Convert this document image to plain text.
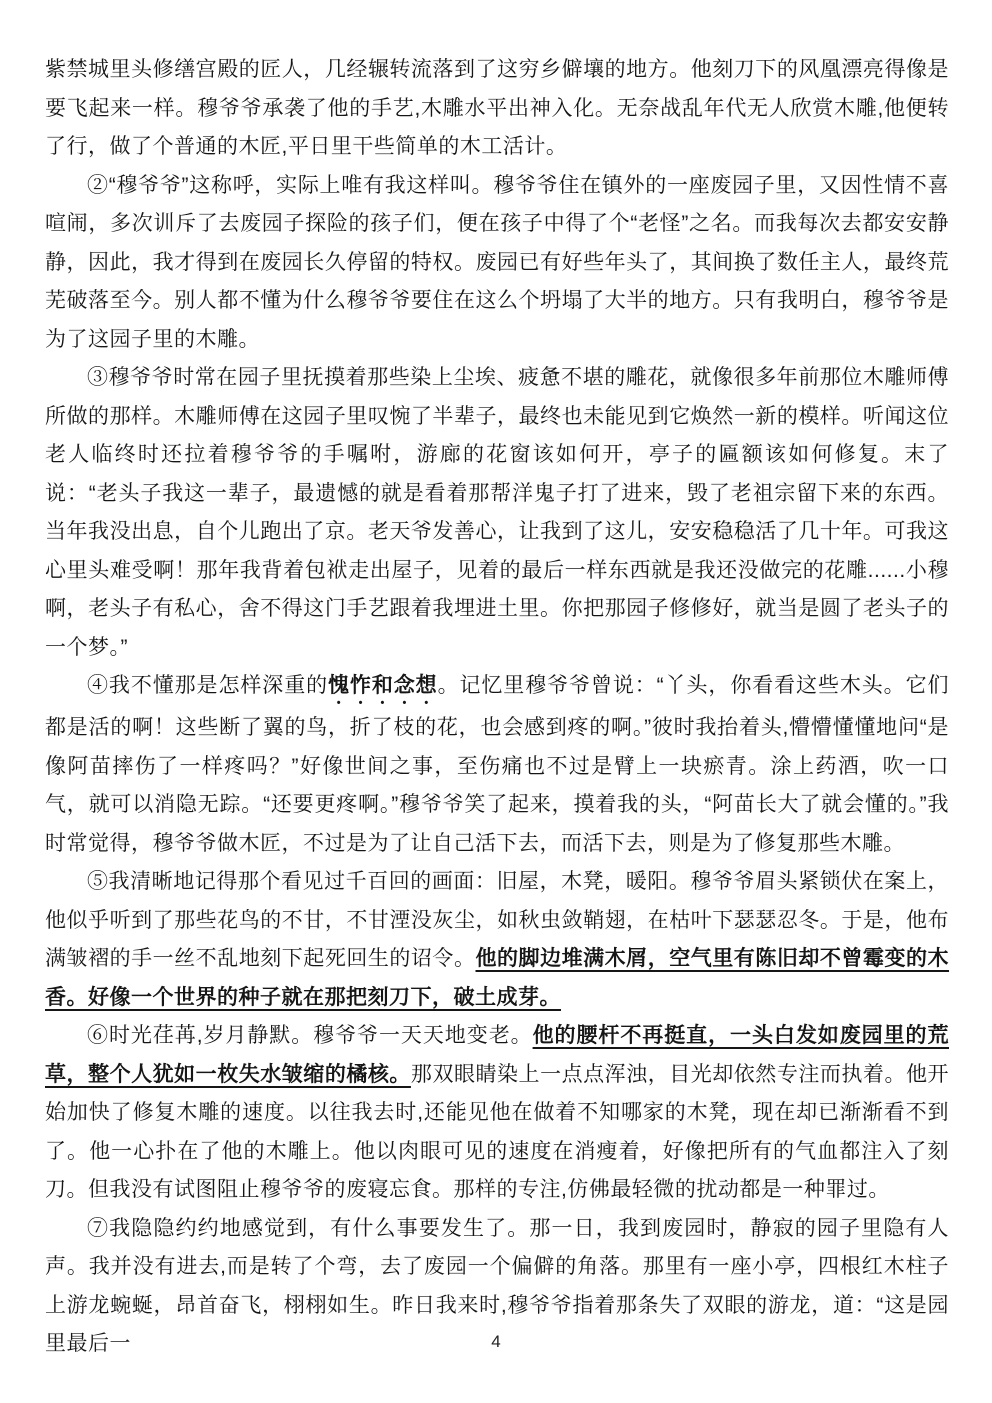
紫禁城里头修缮宫殿的匠人，几经辗转流落到了这穷乡僻壤的地方。他刻刀下的风凰漂亮得像是要飞起来一样。穆爷爷承袭了他的手艺,木雕水平出神入化。无奈战乱年代无人欣赏木雕,他便转了行，做了个普通的木匠,平日里干些简单的木工活计。

②“穆爷爷”这称呼，实际上唯有我这样叫。穆爷爷住在镇外的一座废园子里，又因性情不喜喧闹，多次训斥了去废园子探险的孩子们，便在孩子中得了个“老怪”之名。而我每次去都安安静静，因此，我才得到在废园长久停留的特权。废园已有好些年头了，其间换了数任主人，最终荒芜破落至今。别人都不懂为什么穆爷爷要住在这么个坍塌了大半的地方。只有我明白，穆爷爷是为了这园子里的木雕。

③穆爷爷时常在园子里抚摸着那些染上尘埃、疲惫不堪的雕花，就像很多年前那位木雕师傅所做的那样。木雕师傅在这园子里叹惋了半辈子，最终也未能见到它焕然一新的模样。听闻这位老人临终时还拉着穆爷爷的手嘱咐，游廊的花窗该如何开，亭子的匾额该如何修复。末了说：“老头子我这一辈子，最遗憾的就是看着那帮洋鬼子打了进来，毁了老祖宗留下来的东西。当年我没出息，自个儿跑出了京。老天爷发善心，让我到了这儿，安安稳稳活了几十年。可我这心里头难受啊！那年我背着包袱走出屋子，见着的最后一样东西就是我还没做完的花雕......小穆啊，老头子有私心，舍不得这门手艺跟着我埋进土里。你把那园子修修好，就当是圆了老头子的一个梦。”

④我不懂那是怎样深重的愧怍和念想。记忆里穆爷爷曾说：“丫头，你看看这些木头。它们都是活的啊！这些断了翼的鸟，折了枝的花，也会感到疼的啊。”彼时我抬着头,懵懵懂懂地问“是像阿苗摔伤了一样疼吗？”好像世间之事，至伤痛也不过是臂上一块瘀青。涂上药酒，吹一口气，就可以消隐无踪。“还要更疼啊。”穆爷爷笑了起来，摸着我的头，“阿苗长大了就会懂的。”我时常觉得，穆爷爷做木匠，不过是为了让自己活下去，而活下去，则是为了修复那些木雕。

⑤我清晰地记得那个看见过千百回的画面：旧屋，木凳，暖阳。穆爷爷眉头紧锁伏在案上，他似乎听到了那些花鸟的不甘，不甘湮没灰尘，如秋虫敛鞘翅，在枯叶下瑟瑟忍冬。于是，他布满皱褶的手一丝不乱地刻下起死回生的诏令。他的脚边堆满木屑，空气里有陈旧却不曾霉变的木香。好像一个世界的种子就在那把刻刀下，破土成芽。

⑥时光荏苒,岁月静默。穆爷爷一天天地变老。他的腰杆不再挺直，一头白发如废园里的荒草，整个人犹如一枚失水皱缩的橘核。那双眼睛染上一点点浑浊，目光却依然专注而执着。他开始加快了修复木雕的速度。以往我去时,还能见他在做着不知哪家的木凳，现在却已渐渐看不到了。他一心扑在了他的木雕上。他以肉眼可见的速度在消瘦着，好像把所有的气血都注入了刻刀。但我没有试图阻止穆爷爷的废寝忘食。那样的专注,仿佛最轻微的扰动都是一种罪过。

⑦我隐隐约约地感觉到，有什么事要发生了。那一日，我到废园时，静寂的园子里隐有人声。我并没有进去,而是转了个弯，去了废园一个偏僻的角落。那里有一座小亭，四根红木柱子上游龙蜿蜒，昂首奋飞，栩栩如生。昨日我来时,穆爷爷指着那条失了双眼的游龙，道：“这是园里最后一	4
